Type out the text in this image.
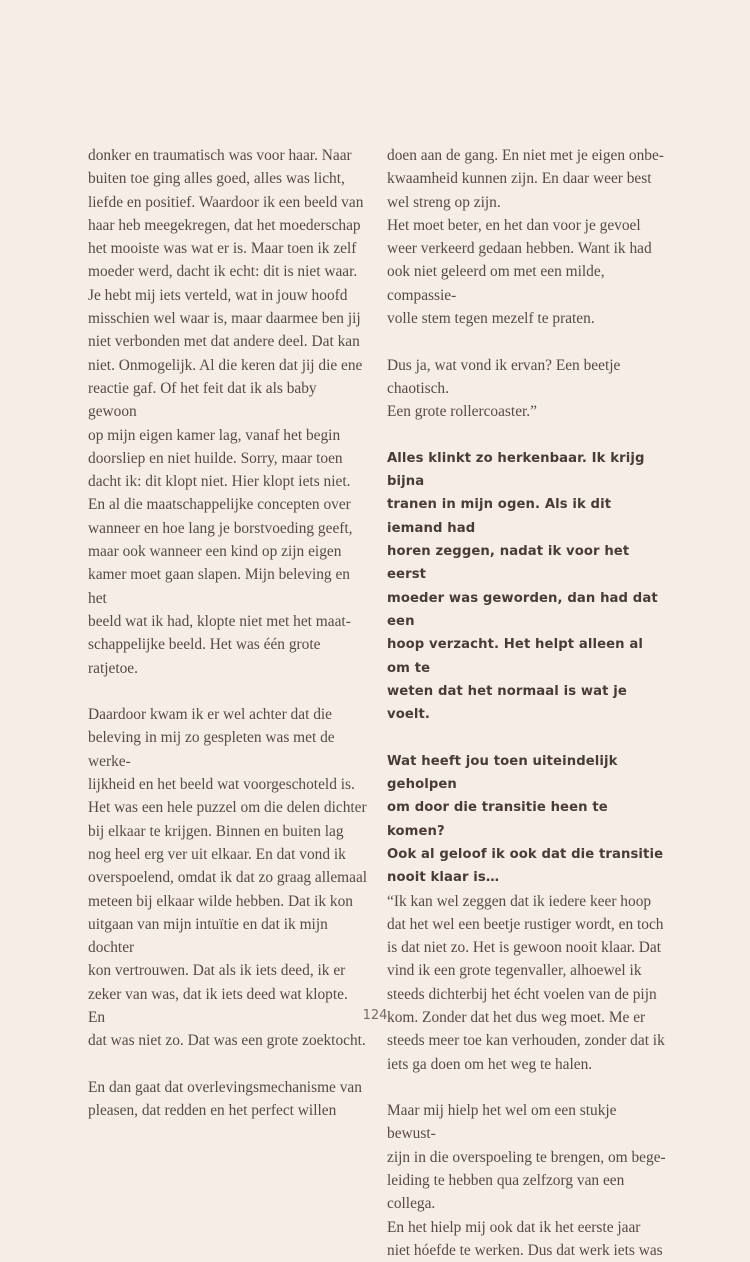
donker en traumatisch was voor haar. Naar
buiten toe ging alles goed, alles was licht,
liefde en positief. Waardoor ik een beeld van
haar heb meegekregen, dat het moederschap
het mooiste was wat er is. Maar toen ik zelf
moeder werd, dacht ik echt: dit is niet waar.
Je hebt mij iets verteld, wat in jouw hoofd
misschien wel waar is, maar daarmee ben jij
niet verbonden met dat andere deel. Dat kan
niet. Onmogelijk. Al die keren dat jij die ene
reactie gaf. Of het feit dat ik als baby gewoon
op mijn eigen kamer lag, vanaf het begin
doorsliep en niet huilde. Sorry, maar toen
dacht ik: dit klopt niet. Hier klopt iets niet.
En al die maatschappelijke concepten over
wanneer en hoe lang je borstvoeding geeft,
maar ook wanneer een kind op zijn eigen
kamer moet gaan slapen. Mijn beleving en het
beeld wat ik had, klopte niet met het maat-
schappelijke beeld. Het was één grote ratjetoe.

Daardoor kwam ik er wel achter dat die
beleving in mij zo gespleten was met de werke-
lijkheid en het beeld wat voorgeschoteld is.
Het was een hele puzzel om die delen dichter
bij elkaar te krijgen. Binnen en buiten lag
nog heel erg ver uit elkaar. En dat vond ik
overspoelend, omdat ik dat zo graag allemaal
meteen bij elkaar wilde hebben. Dat ik kon
uitgaan van mijn intuïtie en dat ik mijn dochter
kon vertrouwen. Dat als ik iets deed, ik er
zeker van was, dat ik iets deed wat klopte. En
dat was niet zo. Dat was een grote zoektocht.

En dan gaat dat overlevingsmechanisme van
pleasen, dat redden en het perfect willen

doen aan de gang. En niet met je eigen onbe-
kwaamheid kunnen zijn. En daar weer best
wel streng op zijn.
Het moet beter, en het dan voor je gevoel
weer verkeerd gedaan hebben. Want ik had
ook niet geleerd om met een milde, compassie-
volle stem tegen mezelf te praten.

Dus ja, wat vond ik ervan? Een beetje chaotisch.
Een grote rollercoaster.”

Alles klinkt zo herkenbaar. Ik krijg bijna
tranen in mijn ogen. Als ik dit iemand had
horen zeggen, nadat ik voor het eerst
moeder was geworden, dan had dat een
hoop verzacht. Het helpt alleen al om te
weten dat het normaal is wat je voelt.

Wat heeft jou toen uiteindelijk geholpen
om door die transitie heen te komen?
Ook al geloof ik ook dat die transitie
nooit klaar is…

“Ik kan wel zeggen dat ik iedere keer hoop
dat het wel een beetje rustiger wordt, en toch
is dat niet zo. Het is gewoon nooit klaar. Dat
vind ik een grote tegenvaller, alhoewel ik
steeds dichterbij het écht voelen van de pijn
kom. Zonder dat het dus weg moet. Me er
steeds meer toe kan verhouden, zonder dat ik
iets ga doen om het weg te halen.

Maar mij hielp het wel om een stukje bewust-
zijn in die overspoeling te brengen, om bege-
leiding te hebben qua zelfzorg van een collega.
En het hielp mij ook dat ik het eerste jaar
niet hóefde te werken. Dus dat werk iets was

124
